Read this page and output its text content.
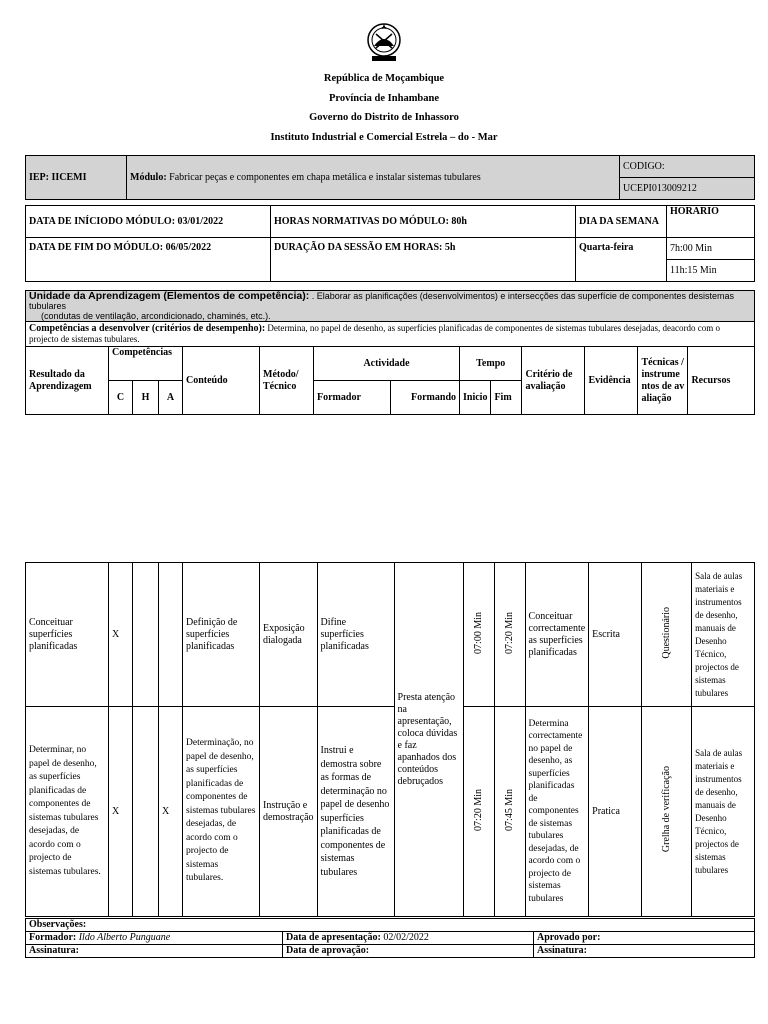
República de Moçambique
Província de Inhambane
Governo do Distrito de Inhassoro
Instituto Industrial e Comercial Estrela – do - Mar
IEP: IICEMI	Módulo: Fabricar peças e componentes em chapa metálica e instalar sistemas tubulares	CODIGO:
UCEPI013009212
DATA DE INÍCIODO MÓDULO: 03/01/2022	HORAS NORMATIVAS DO MÓDULO: 80h	DIA DA SEMANA	HORARIO
DATA DE FIM DO MÓDULO: 06/05/2022	DURAÇÃO DA SESSÃO EM HORAS: 5h	Quarta-feira	7h:00 Min
			11h:15 Min
Unidade da Aprendizagem (Elementos de competência): . Elaborar as planificações (desenvolvimentos) e intersecções das superfície de componentes desistemas tubulares
(condutas de ventilação, arcondicionado, chaminés, etc.).													
Competências a desenvolver (critérios de desempenho): Determina, no papel de desenho, as superfícies planificadas de componentes de sistemas tubulares desejadas, deacordo com o projecto de sistemas tubulares.													
Resultado da Aprendizagem	Competências			Conteúdo	Método/ Técnico	Actividade		Tempo		Critério de avaliação	Evidência	Técnicas /instrumentos de avaliação	Recursos
	C	H	A			Formador	Formando	Inicio	Fim				
Conceituar superfícies planificadas	X			Definição de superfícies planificadas	Exposição dialogada	Difine superfícies planificadas	Presta atenção na apresentação, coloca dúvidas e faz apanhados dos conteúdos debruçados	07:00 Min	07:20 Min	Conceituar correctamente as superfícies planificadas	Escrita	Questionário	Sala de aulas materiais e instrumentos de desenho, manuais de Desenho Técnico, projectos de sistemas tubulares
Determinar, no papel de desenho, as superfícies planificadas de componentes de sistemas tubulares desejadas, de acordo com o projecto de sistemas tubulares.	X		X	Determinação, no papel de desenho, as superfícies planificadas de componentes de sistemas tubulares desejadas, de acordo com o projecto de sistemas tubulares.	Instrução e demostração	Instrui e demostra sobre as formas de determinação no papel de desenho superfícies planificadas de componentes de sistemas tubulares		07:20 Min	07:45 Min	Determina correctamente no papel de desenho, as superfícies planificadas de componentes de sistemas tubulares desejadas, de acordo com o projecto de sistemas tubulares	Pratica	Grelha de verificação	Sala de aulas materiais e instrumentos de desenho, manuais de Desenho Técnico, projectos de sistemas tubulares
Observações:		
Formador: Ildo Alberto Punguane	Data de apresentação: 02/02/2022	Aprovado por:
Assinatura:	Data de aprovação:	Assinatura:
